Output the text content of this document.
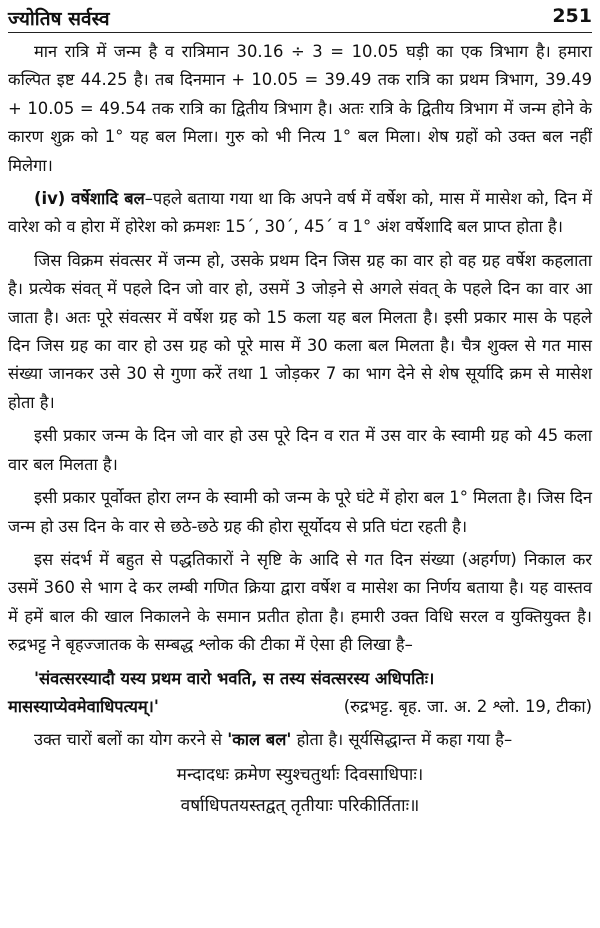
ज्योतिष सर्वस्व	251

मान रात्रि में जन्म है व रात्रिमान 30.16 ÷ 3 = 10.05 घड़ी का एक त्रिभाग है। हमारा कल्पित इष्ट 44.25 है। तब दिनमान + 10.05 = 39.49 तक रात्रि का प्रथम त्रिभाग, 39.49 + 10.05 = 49.54 तक रात्रि का द्वितीय त्रिभाग है। अतः रात्रि के द्वितीय त्रिभाग में जन्म होने के कारण शुक्र को 1° यह बल मिला। गुरु को भी नित्य 1° बल मिला। शेष ग्रहों को उक्त बल नहीं मिलेगा।

(iv) वर्षेशादि बल–पहले बताया गया था कि अपने वर्ष में वर्षेश को, मास में मासेश को, दिन में वारेश को व होरा में होरेश को क्रमशः 15´, 30´, 45´ व 1° अंश वर्षेशादि बल प्राप्त होता है।

जिस विक्रम संवत्सर में जन्म हो, उसके प्रथम दिन जिस ग्रह का वार हो वह ग्रह वर्षेश कहलाता है। प्रत्येक संवत् में पहले दिन जो वार हो, उसमें 3 जोड़ने से अगले संवत् के पहले दिन का वार आ जाता है। अतः पूरे संवत्सर में वर्षेश ग्रह को 15 कला यह बल मिलता है। इसी प्रकार मास के पहले दिन जिस ग्रह का वार हो उस ग्रह को पूरे मास में 30 कला बल मिलता है। चैत्र शुक्ल से गत मास संख्या जानकर उसे 30 से गुणा करें तथा 1 जोड़कर 7 का भाग देने से शेष सूर्यादि क्रम से मासेश होता है।

इसी प्रकार जन्म के दिन जो वार हो उस पूरे दिन व रात में उस वार के स्वामी ग्रह को 45 कला वार बल मिलता है।

इसी प्रकार पूर्वोक्त होरा लग्न के स्वामी को जन्म के पूरे घंटे में होरा बल 1° मिलता है। जिस दिन जन्म हो उस दिन के वार से छठे-छठे ग्रह की होरा सूर्योदय से प्रति घंटा रहती है।

इस संदर्भ में बहुत से पद्धतिकारों ने सृष्टि के आदि से गत दिन संख्या (अहर्गण) निकाल कर उसमें 360 से भाग दे कर लम्बी गणित क्रिया द्वारा वर्षेश व मासेश का निर्णय बताया है। यह वास्तव में हमें बाल की खाल निकालने के समान प्रतीत होता है। हमारी उक्त विधि सरल व युक्तियुक्त है। रुद्रभट्ट ने बृहज्जातक के सम्बद्ध श्लोक की टीका में ऐसा ही लिखा है–

'संवत्सरस्यादौ यस्य प्रथम वारो भवति, स तस्य संवत्सरस्य अधिपतिः।
मासस्याप्येवमेवाधिपत्यम्।'	(रुद्रभट्ट. बृह. जा. अ. 2 श्लो. 19, टीका)

उक्त चारों बलों का योग करने से 'काल बल' होता है। सूर्यसिद्धान्त में कहा गया है–

मन्दादधः क्रमेण स्युश्चतुर्थाः दिवसाधिपाः।
वर्षाधिपतयस्तद्वत् तृतीयाः परिकीर्तिताः॥
